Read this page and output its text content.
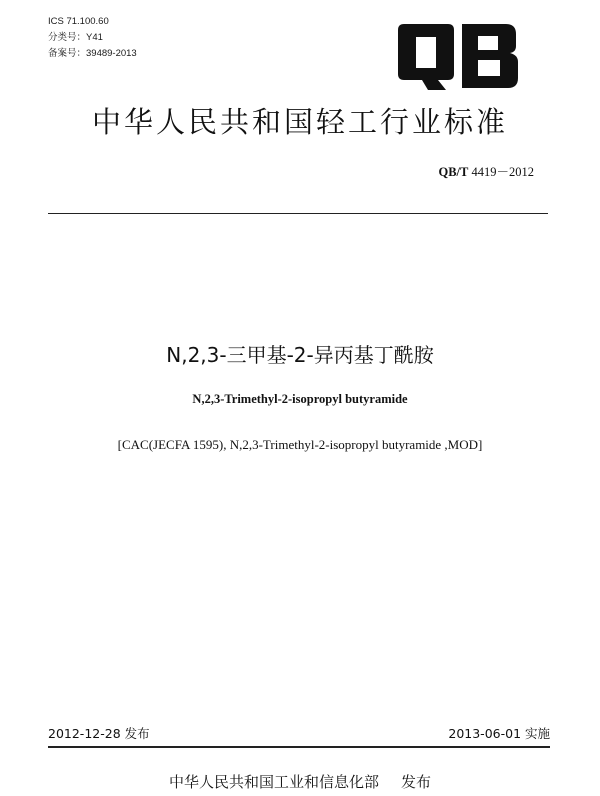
ICS 71.100.60
分类号：Y41
备案号：39489-2013
中华人民共和国轻工行业标准
QB/T 4419－2012
N,2,3-三甲基-2-异丙基丁酰胺
N,2,3-Trimethyl-2-isopropyl butyramide
[CAC(JECFA 1595), N,2,3-Trimethyl-2-isopropyl butyramide ,MOD]
2012-12-28 发布	2013-06-01 实施
中华人民共和国工业和信息化部 发布
